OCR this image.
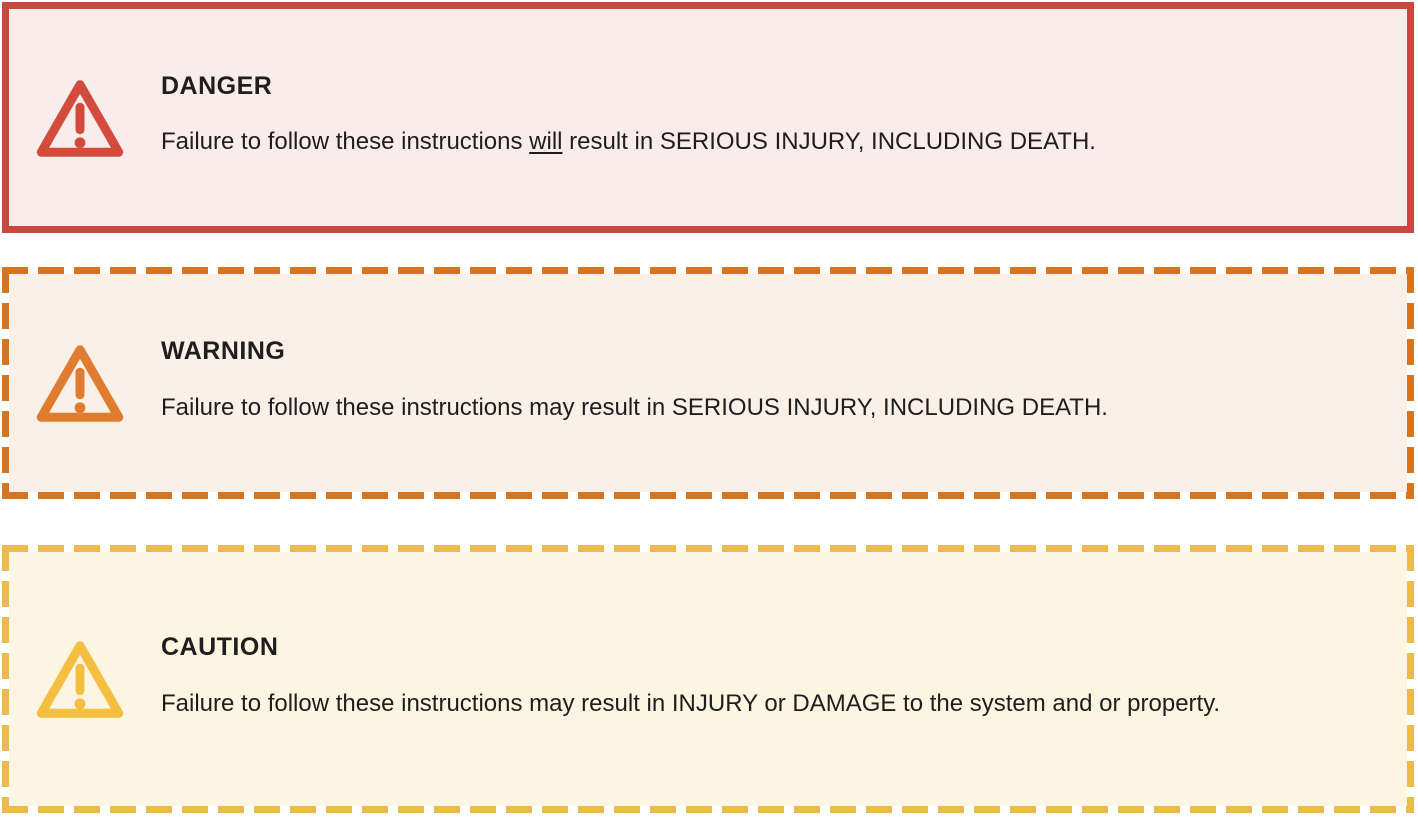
DANGER

Failure to follow these instructions will result in SERIOUS INJURY, INCLUDING DEATH.

WARNING

Failure to follow these instructions may result in SERIOUS INJURY, INCLUDING DEATH.

CAUTION

Failure to follow these instructions may result in INJURY or DAMAGE to the system and or property.
